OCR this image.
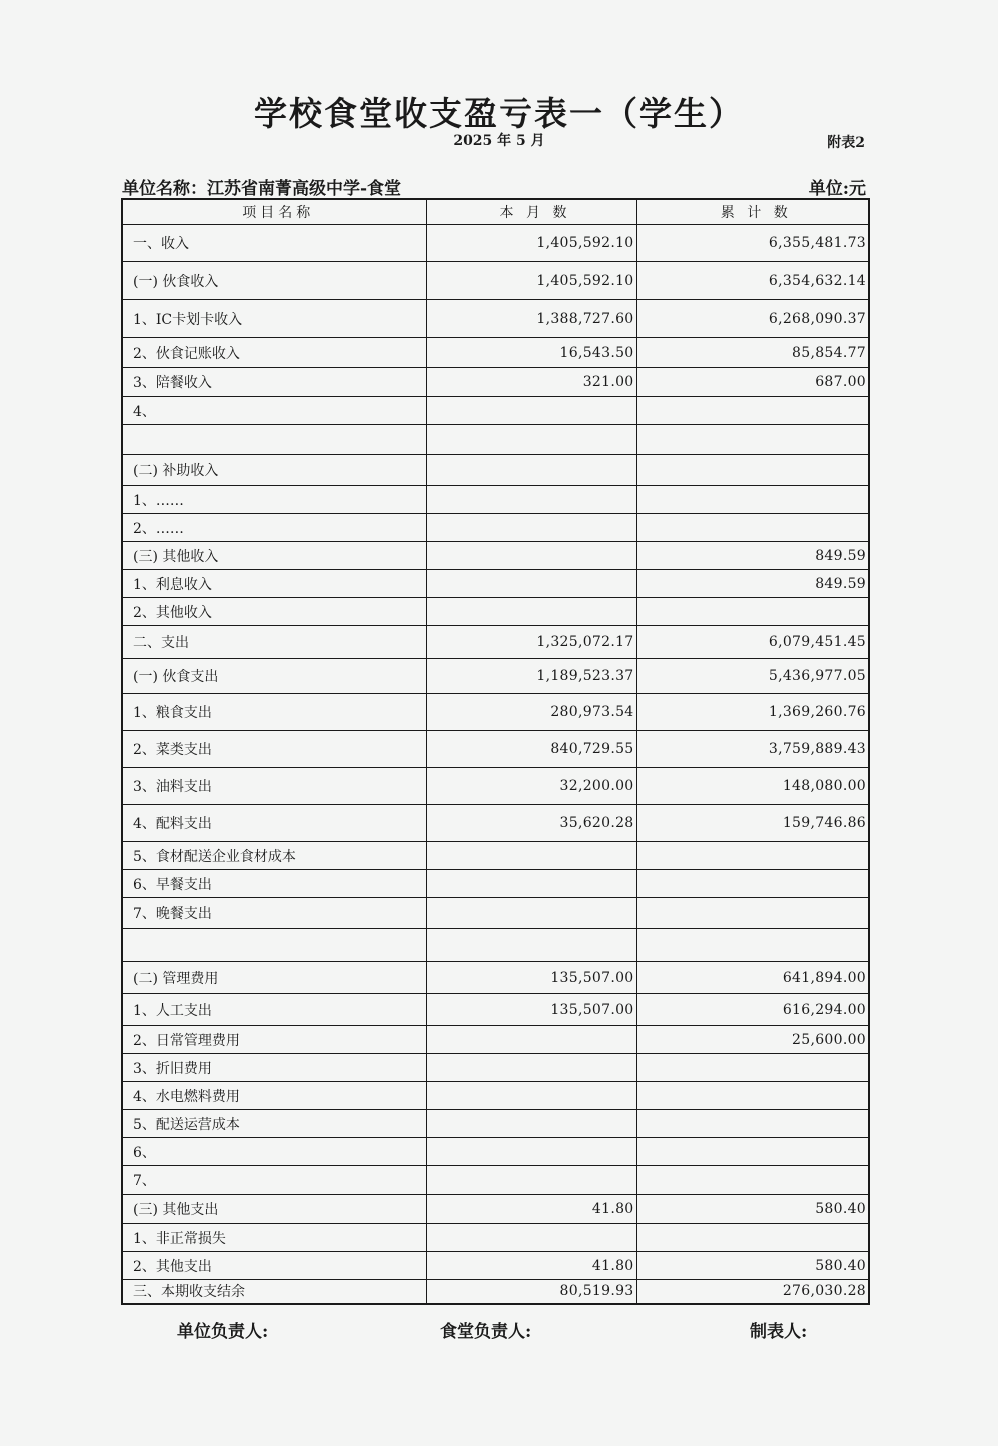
学校食堂收支盈亏表一（学生）
2025 年 5 月	附表2
单位名称：江苏省南菁高级中学-食堂	单位:元
项目名称	本 月 数	累 计 数
一、收入	1,405,592.10	6,355,481.73
(一) 伙食收入	1,405,592.10	6,354,632.14
1、IC卡划卡收入	1,388,727.60	6,268,090.37
2、伙食记账收入	16,543.50	85,854.77
3、陪餐收入	321.00	687.00
4、		

(二) 补助收入		
1、……		
2、……		
(三) 其他收入		849.59
1、利息收入		849.59
2、其他收入		
二、支出	1,325,072.17	6,079,451.45
(一) 伙食支出	1,189,523.37	5,436,977.05
1、粮食支出	280,973.54	1,369,260.76
2、菜类支出	840,729.55	3,759,889.43
3、油料支出	32,200.00	148,080.00
4、配料支出	35,620.28	159,746.86
5、食材配送企业食材成本		
6、早餐支出		
7、晚餐支出		

(二) 管理费用	135,507.00	641,894.00
1、人工支出	135,507.00	616,294.00
2、日常管理费用		25,600.00
3、折旧费用		
4、水电燃料费用		
5、配送运营成本		
6、		
7、		
(三) 其他支出	41.80	580.40
1、非正常损失		
2、其他支出	41.80	580.40
三、本期收支结余	80,519.93	276,030.28
单位负责人:	食堂负责人:	制表人:
